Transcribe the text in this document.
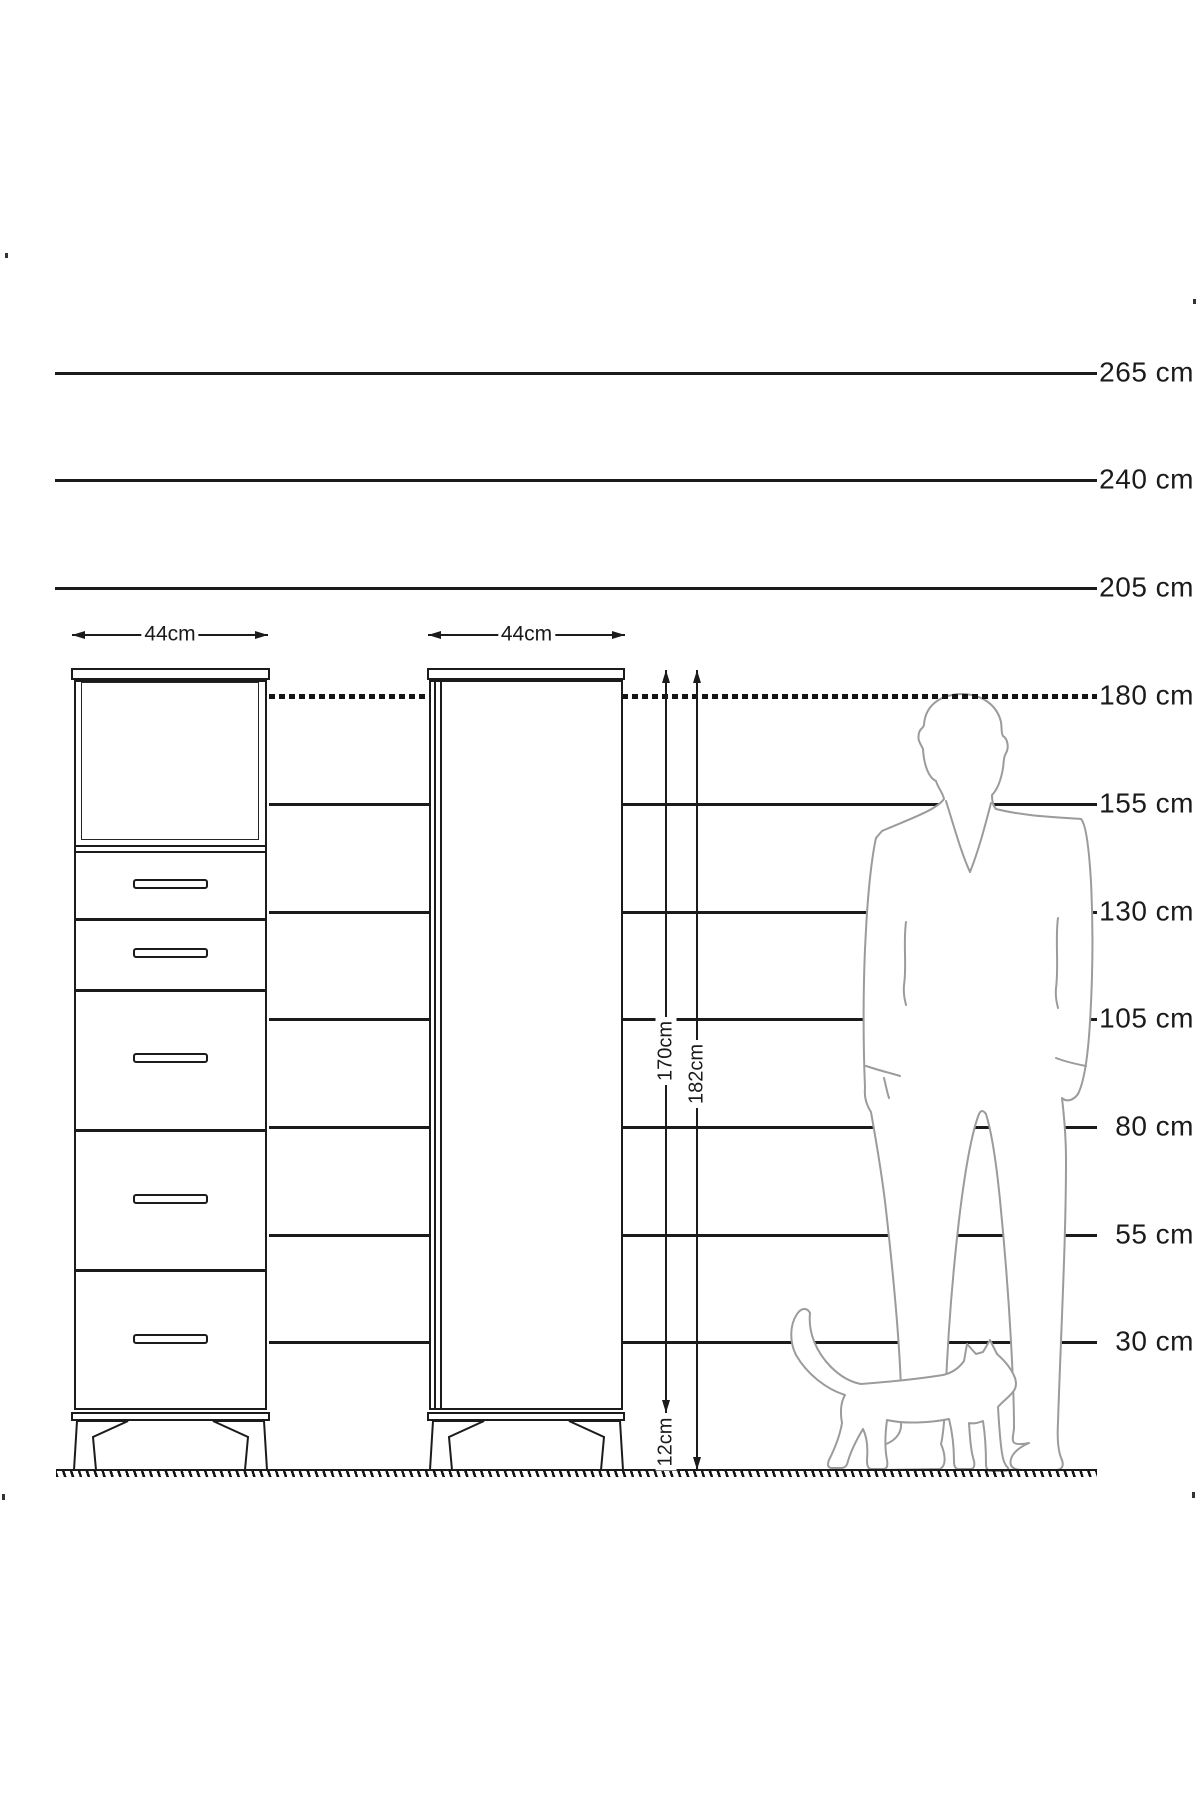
44cm	44cm
170cm 182cm
12cm
265 cm
240 cm
205 cm
180 cm
155 cm
130 cm
105 cm
80 cm
55 cm
30 cm
